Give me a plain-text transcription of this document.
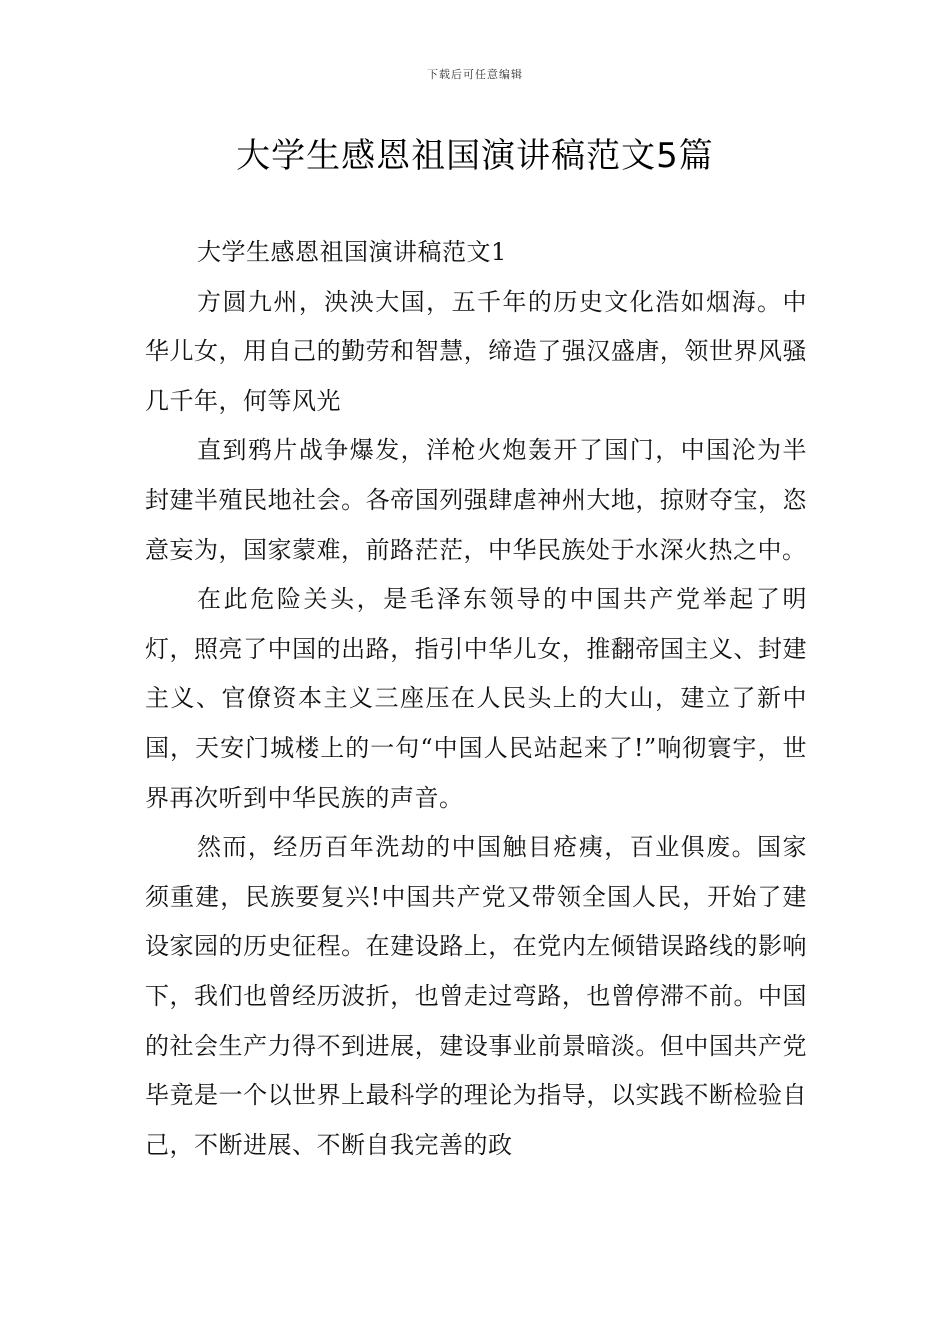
下载后可任意编辑
大学生感恩祖国演讲稿范文5篇

大学生感恩祖国演讲稿范文1

方圆九州，泱泱大国，五千年的历史文化浩如烟海。中华儿女，用自己的勤劳和智慧，缔造了强汉盛唐，领世界风骚几千年，何等风光

直到鸦片战争爆发，洋枪火炮轰开了国门，中国沦为半封建半殖民地社会。各帝国列强肆虐神州大地，掠财夺宝，恣意妄为，国家蒙难，前路茫茫，中华民族处于水深火热之中。

在此危险关头，是毛泽东领导的中国共产党举起了明灯，照亮了中国的出路，指引中华儿女，推翻帝国主义、封建主义、官僚资本主义三座压在人民头上的大山，建立了新中国，天安门城楼上的一句“中国人民站起来了!”响彻寰宇，世界再次听到中华民族的声音。

然而，经历百年洗劫的中国触目疮痍，百业俱废。国家须重建，民族要复兴!中国共产党又带领全国人民，开始了建设家园的历史征程。在建设路上，在党内左倾错误路线的影响下，我们也曾经历波折，也曾走过弯路，也曾停滞不前。中国的社会生产力得不到进展，建设事业前景暗淡。但中国共产党毕竟是一个以世界上最科学的理论为指导，以实践不断检验自己，不断进展、不断自我完善的政
